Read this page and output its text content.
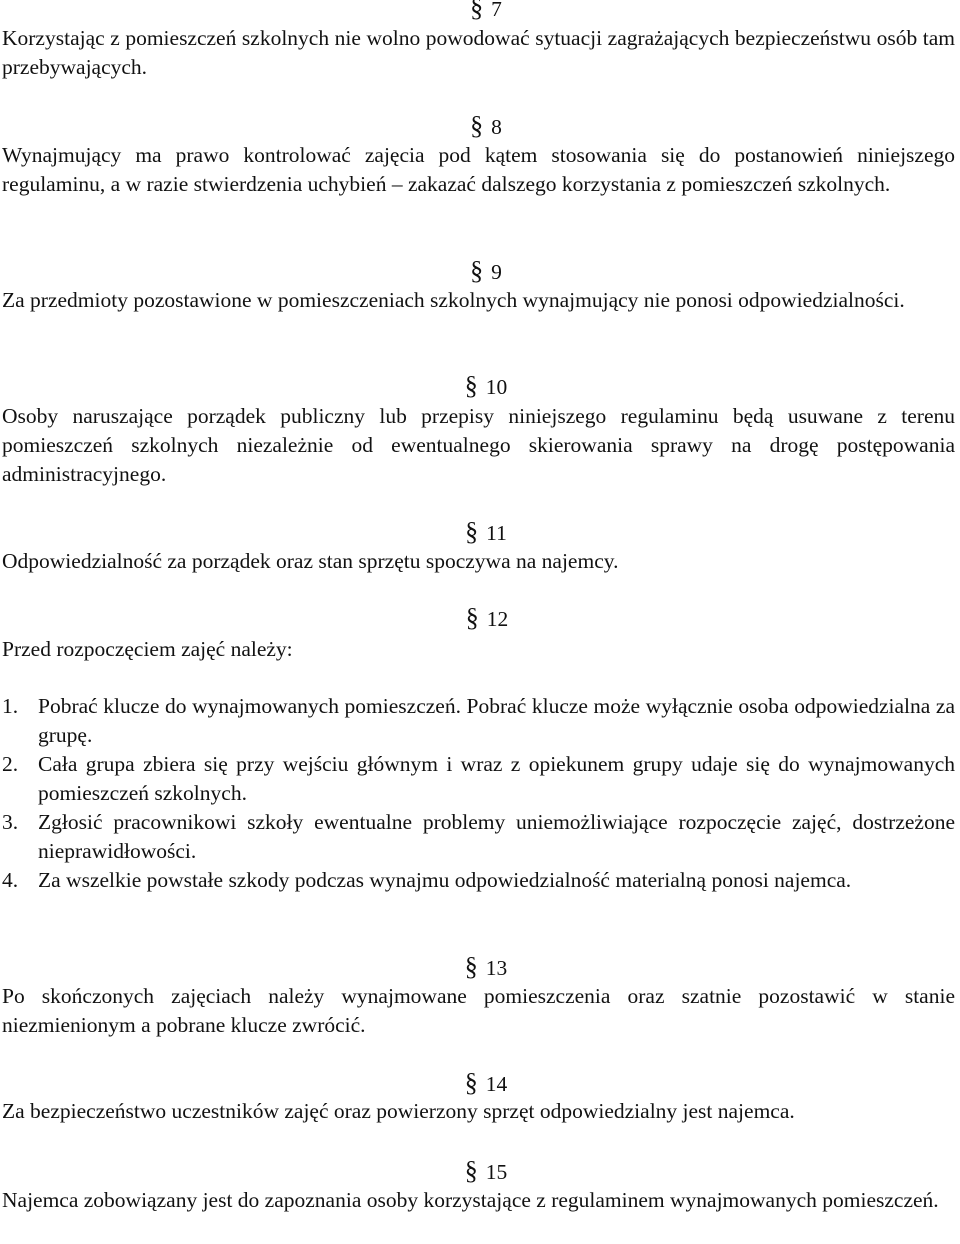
§ 7
Korzystając z pomieszczeń szkolnych nie wolno powodować sytuacji zagrażających bezpieczeństwu osób tam przebywających.
§ 8
Wynajmujący ma prawo kontrolować zajęcia pod kątem stosowania się do postanowień niniejszego regulaminu, a w razie stwierdzenia uchybień – zakazać dalszego korzystania z pomieszczeń szkolnych.
§ 9
Za przedmioty pozostawione w pomieszczeniach szkolnych wynajmujący nie ponosi odpowiedzialności.
§ 10
Osoby naruszające porządek publiczny lub przepisy niniejszego regulaminu będą usuwane z terenu pomieszczeń szkolnych niezależnie od ewentualnego skierowania sprawy na drogę postępowania administracyjnego.
§ 11
Odpowiedzialność za porządek oraz stan sprzętu spoczywa na najemcy.
§ 12
Przed rozpoczęciem zajęć należy:
1. Pobrać klucze do wynajmowanych pomieszczeń. Pobrać klucze może wyłącznie osoba odpowiedzialna za grupę.
2. Cała grupa zbiera się przy wejściu głównym i wraz z opiekunem grupy udaje się do wynajmowanych pomieszczeń szkolnych.
3. Zgłosić pracownikowi szkoły ewentualne problemy uniemożliwiające rozpoczęcie zajęć, dostrzeżone nieprawidłowości.
4. Za wszelkie powstałe szkody podczas wynajmu odpowiedzialność materialną ponosi najemca.
§ 13
Po skończonych zajęciach należy wynajmowane pomieszczenia oraz szatnie pozostawić w stanie niezmienionym a pobrane klucze zwrócić.
§ 14
Za bezpieczeństwo uczestników zajęć oraz powierzony sprzęt odpowiedzialny jest najemca.
§ 15
Najemca zobowiązany jest do zapoznania osoby korzystające z regulaminem wynajmowanych pomieszczeń.
